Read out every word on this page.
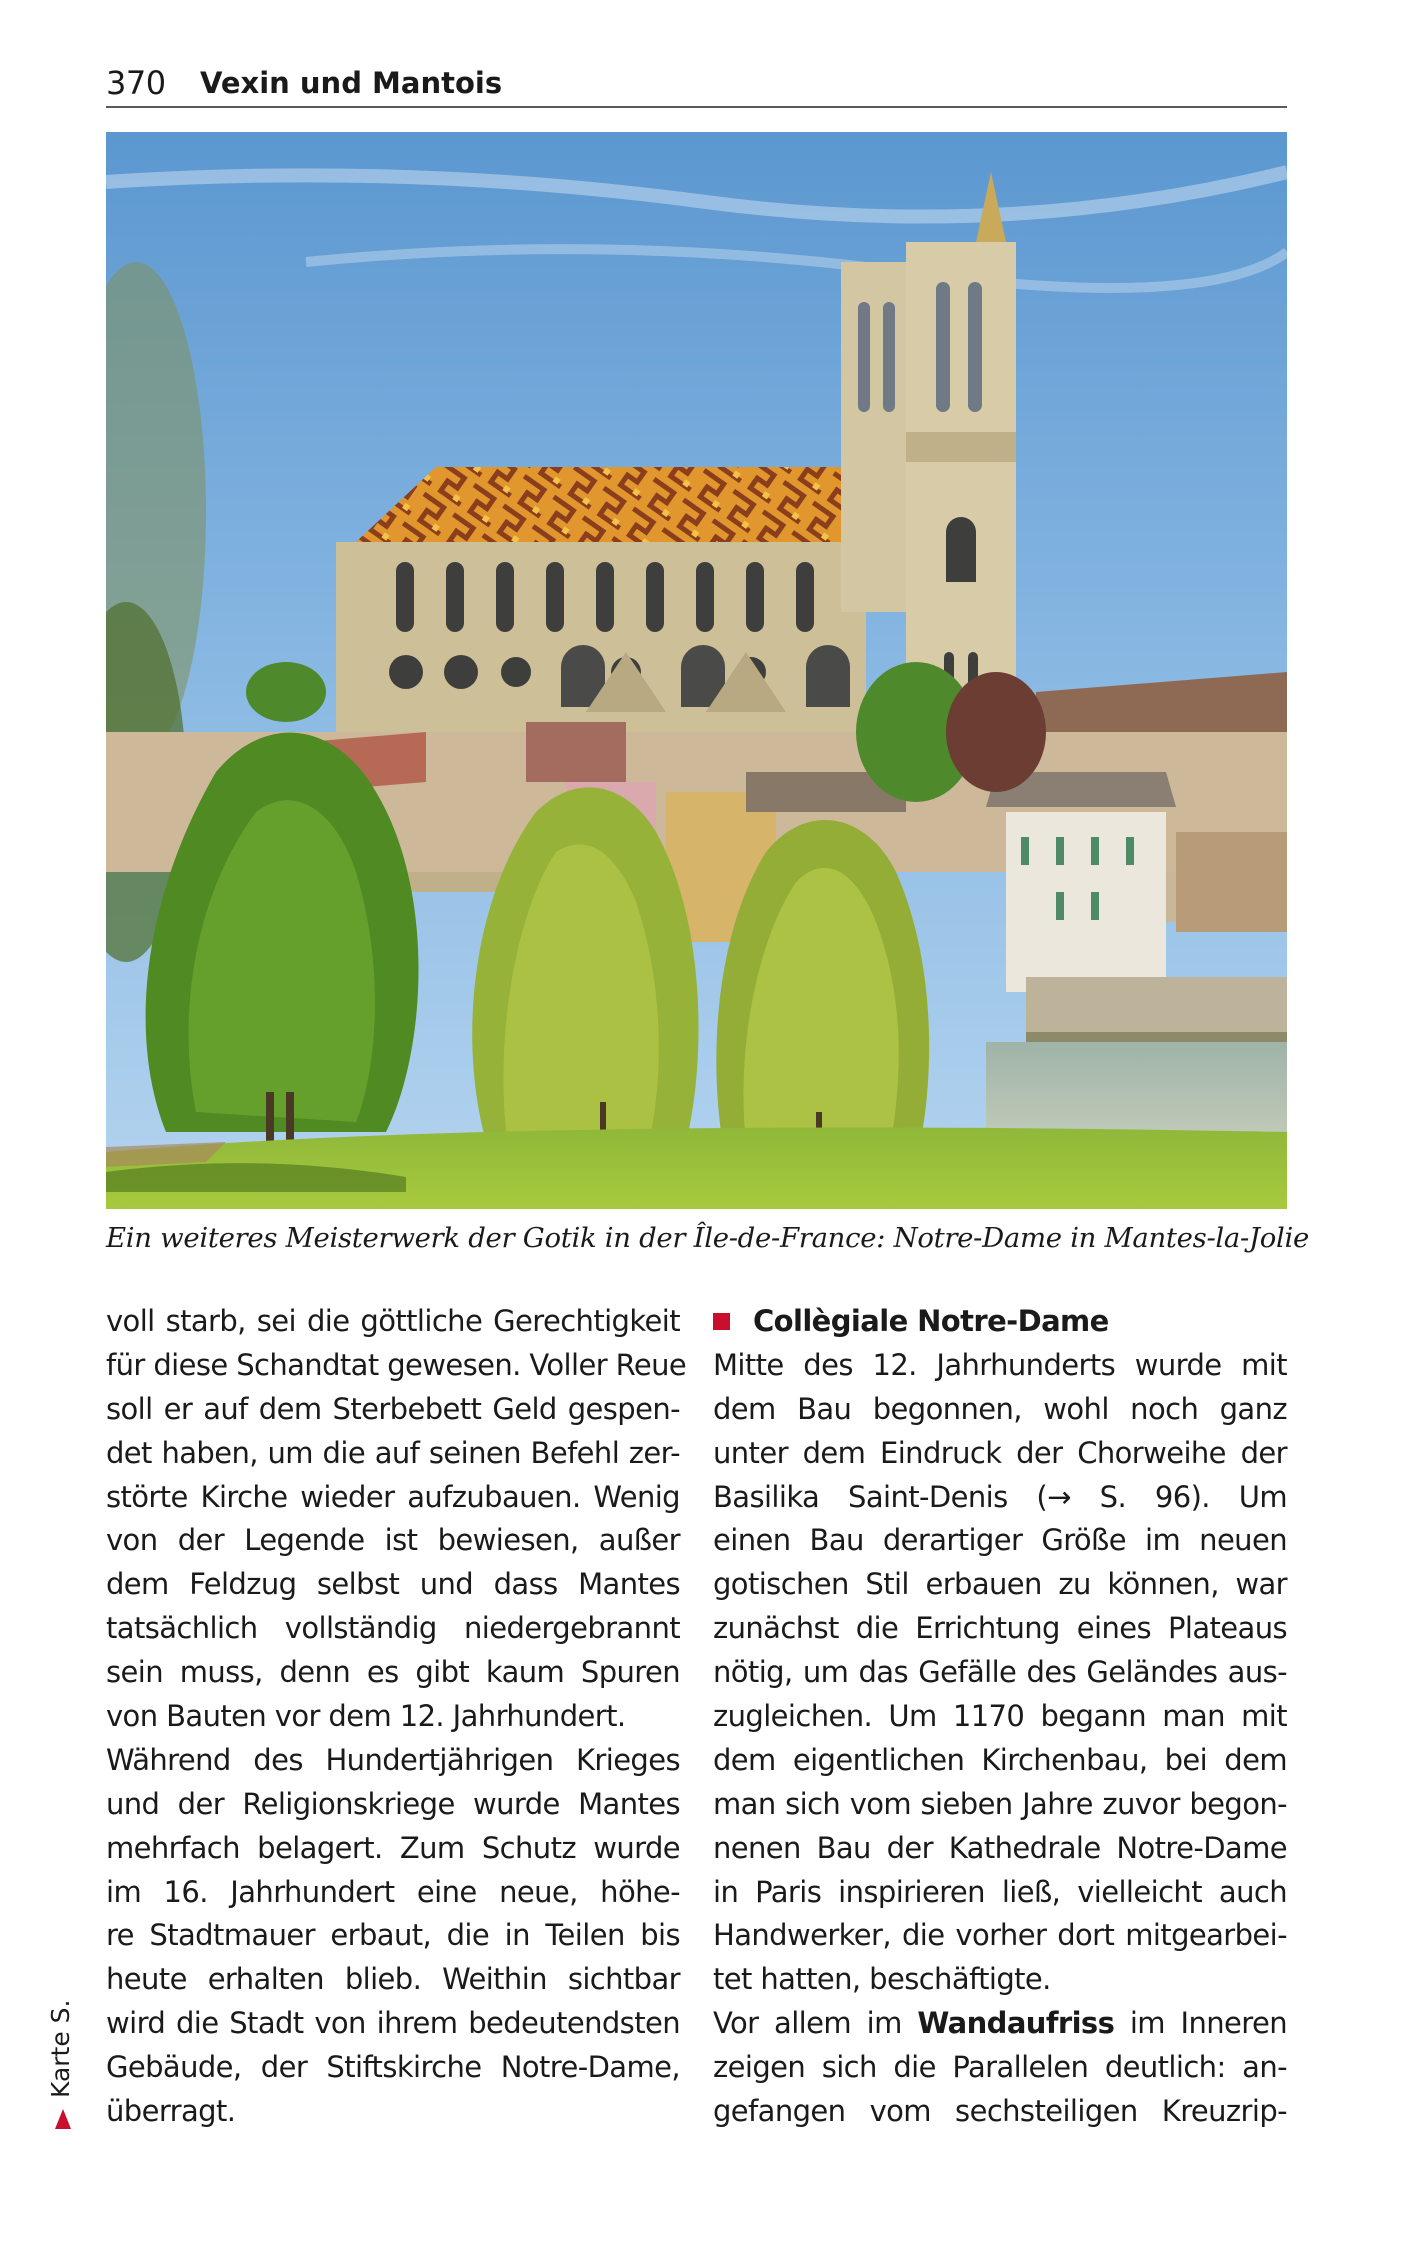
370 Vexin und Mantois
Ein weiteres Meisterwerk der Gotik in der Île-de-France: Notre-Dame in Mantes-la-Jolie
voll starb, sei die göttliche Gerechtigkeit
für diese Schandtat gewesen. Voller Reue
soll er auf dem Sterbebett Geld gespen-
det haben, um die auf seinen Befehl zer-
störte Kirche wieder aufzubauen. Wenig
von der Legende ist bewiesen, außer
dem Feldzug selbst und dass Mantes
tatsächlich vollständig niedergebrannt
sein muss, denn es gibt kaum Spuren
von Bauten vor dem 12. Jahrhundert.
Während des Hundertjährigen Krieges
und der Religionskriege wurde Mantes
mehrfach belagert. Zum Schutz wurde
im 16. Jahrhundert eine neue, höhe-
re Stadtmauer erbaut, die in Teilen bis
heute erhalten blieb. Weithin sichtbar
wird die Stadt von ihrem bedeutendsten
Gebäude, der Stiftskirche Notre-Dame,
überragt.
Collègiale Notre-Dame
Mitte des 12. Jahrhunderts wurde mit
dem Bau begonnen, wohl noch ganz
unter dem Eindruck der Chorweihe der
Basilika Saint-Denis (→ S. 96). Um
einen Bau derartiger Größe im neuen
gotischen Stil erbauen zu können, war
zunächst die Errichtung eines Plateaus
nötig, um das Gefälle des Geländes aus-
zugleichen. Um 1170 begann man mit
dem eigentlichen Kirchenbau, bei dem
man sich vom sieben Jahre zuvor begon-
nenen Bau der Kathedrale Notre-Dame
in Paris inspirieren ließ, vielleicht auch
Handwerker, die vorher dort mitgearbei-
tet hatten, beschäftigte.
Vor allem im Wandaufriss im Inneren
zeigen sich die Parallelen deutlich: an-
gefangen vom sechsteiligen Kreuzrip-
Karte S.
